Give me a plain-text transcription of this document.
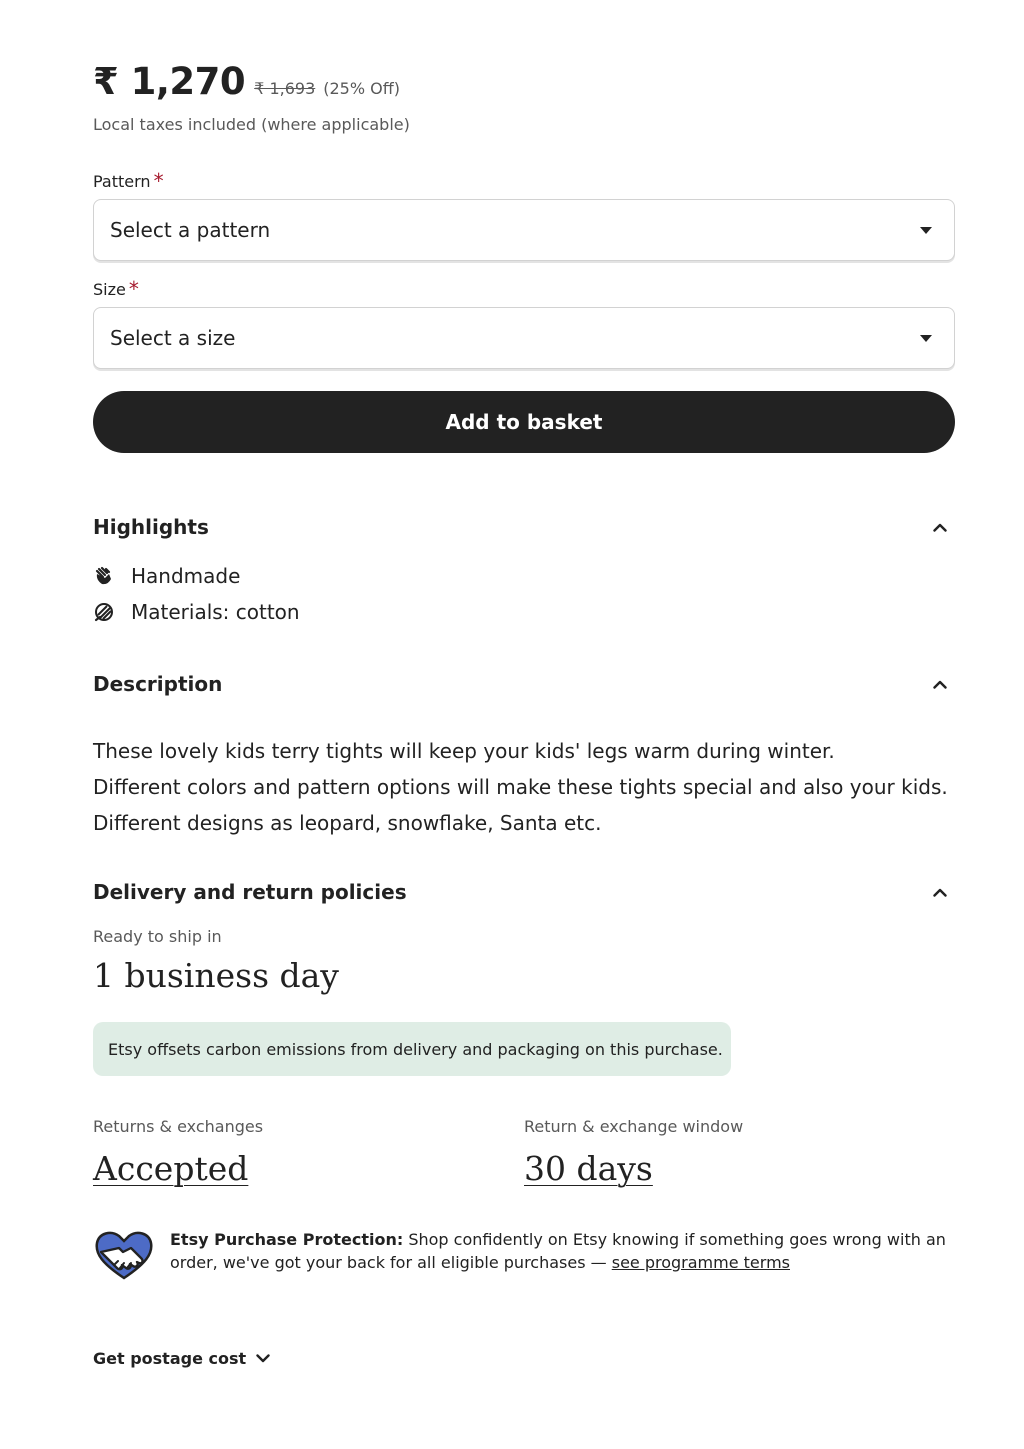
₹ 1,270 ₹ 1,693 (25% Off)
Local taxes included (where applicable)
Pattern *
Select a pattern
Size *
Select a size
Add to basket
Highlights
Handmade
Materials: cotton
Description
These lovely kids terry tights will keep your kids' legs warm during winter.
Different colors and pattern options will make these tights special and also your kids.
Different designs as leopard, snowflake, Santa etc.
Delivery and return policies
Ready to ship in
1 business day
Etsy offsets carbon emissions from delivery and packaging on this purchase.
Returns & exchanges
Accepted
Return & exchange window
30 days
Etsy Purchase Protection: Shop confidently on Etsy knowing if something goes wrong with an order, we've got your back for all eligible purchases — see programme terms
Get postage cost
